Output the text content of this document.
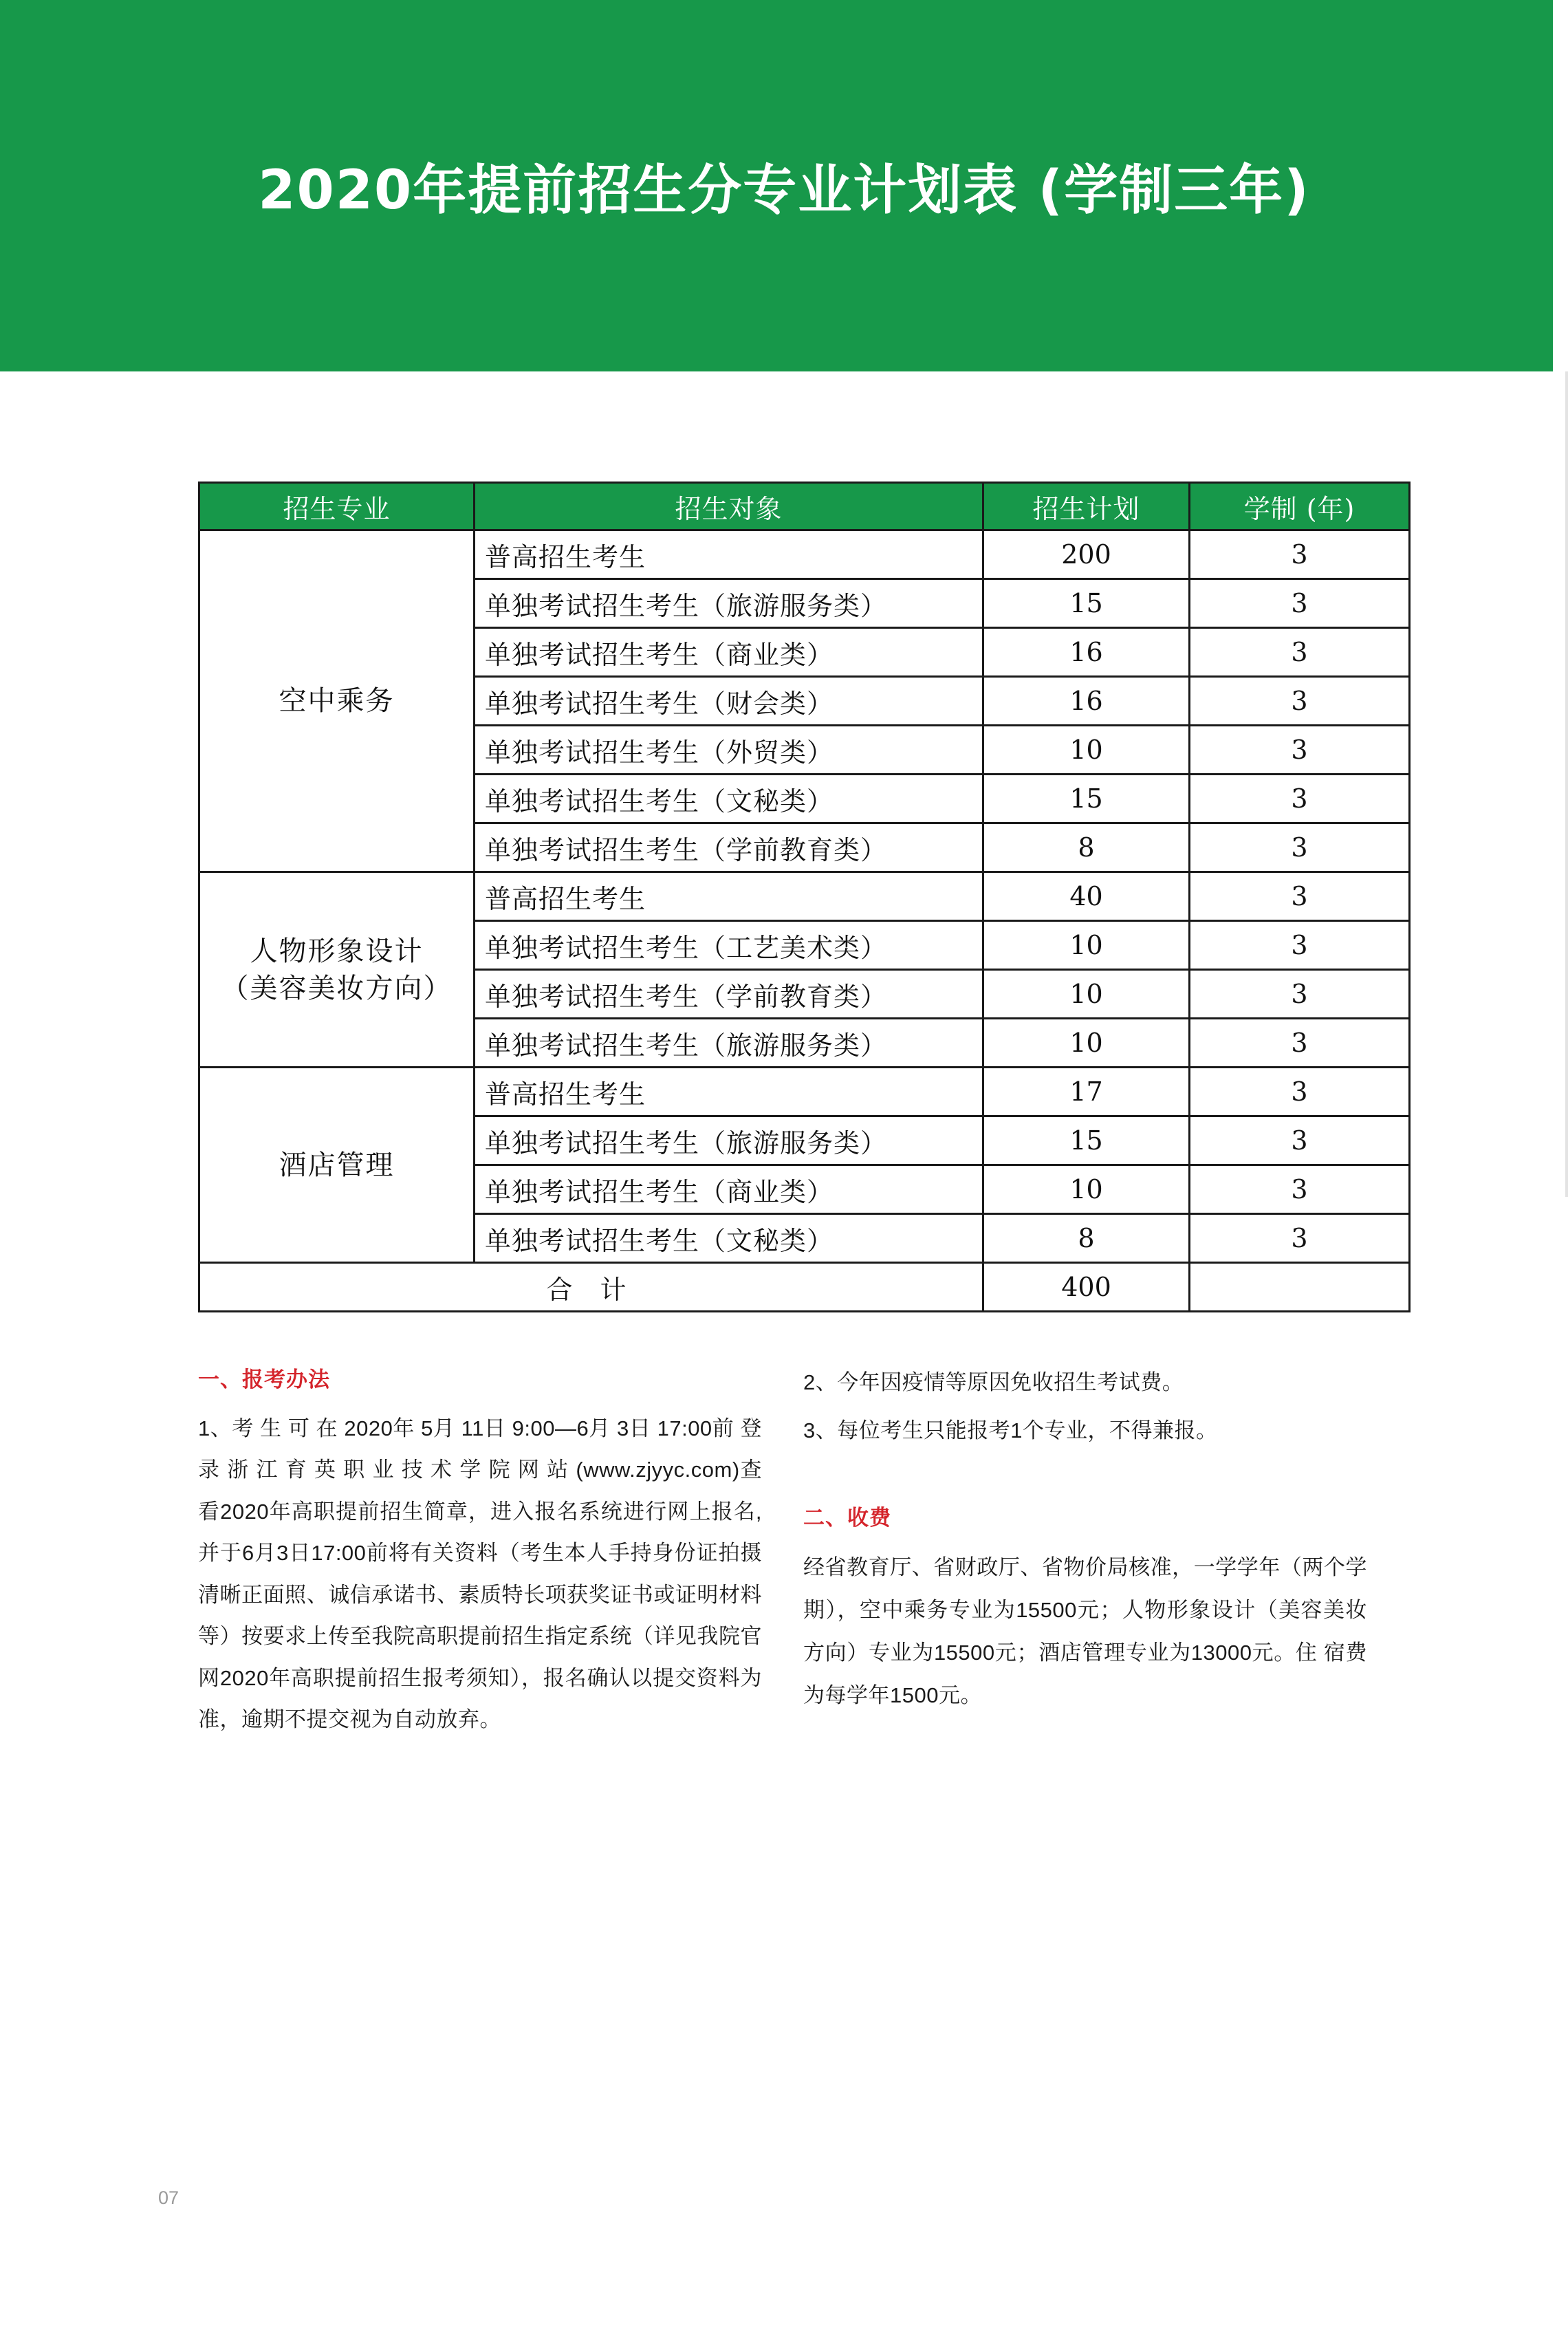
2020年提前招生分专业计划表 (学制三年)
招生专业	招生对象	招生计划	学制 (年)
空中乘务	普高招生考生	200	3
	单独考试招生考生（旅游服务类）	15	3
	单独考试招生考生（商业类）	16	3
	单独考试招生考生（财会类）	16	3
	单独考试招生考生（外贸类）	10	3
	单独考试招生考生（文秘类）	15	3
	单独考试招生考生（学前教育类）	8	3

人物形象设计
（美容美妆方向）	普高招生考生	40	3
	单独考试招生考生（工艺美术类）	10	3
	单独考试招生考生（学前教育类）	10	3
	单独考试招生考生（旅游服务类）	10	3
酒店管理	普高招生考生	17	3
	单独考试招生考生（旅游服务类）	15	3
	单独考试招生考生（商业类）	10	3
	单独考试招生考生（文秘类）	8	3
合 计		400	
一、报考办法

1、考 生 可 在 2020年 5月 11日 9:00—6月 3日 17:00前 登 录 浙 江 育 英 职 业 技 术 学 院 网 站 (www.zjyyc.com)查看2020年高职提前招生简章，进入报名系统进行网上报名,并于6月3日17:00前将有关资料（考生本人手持身份证拍摄清晰正面照、诚信承诺书、素质特长项获奖证书或证明材料等）按要求上传至我院高职提前招生指定系统（详见我院官网2020年高职提前招生报考须知），报名确认以提交资料为准，逾期不提交视为自动放弃。

2、今年因疫情等原因免收招生考试费。

3、每位考生只能报考1个专业，不得兼报。

二、收费

经省教育厅、省财政厅、省物价局核准，一学学年（两个学期），空中乘务专业为15500元；人物形象设计（美容美妆方向）专业为15500元；酒店管理专业为13000元。住 宿费为每学年1500元。

07
